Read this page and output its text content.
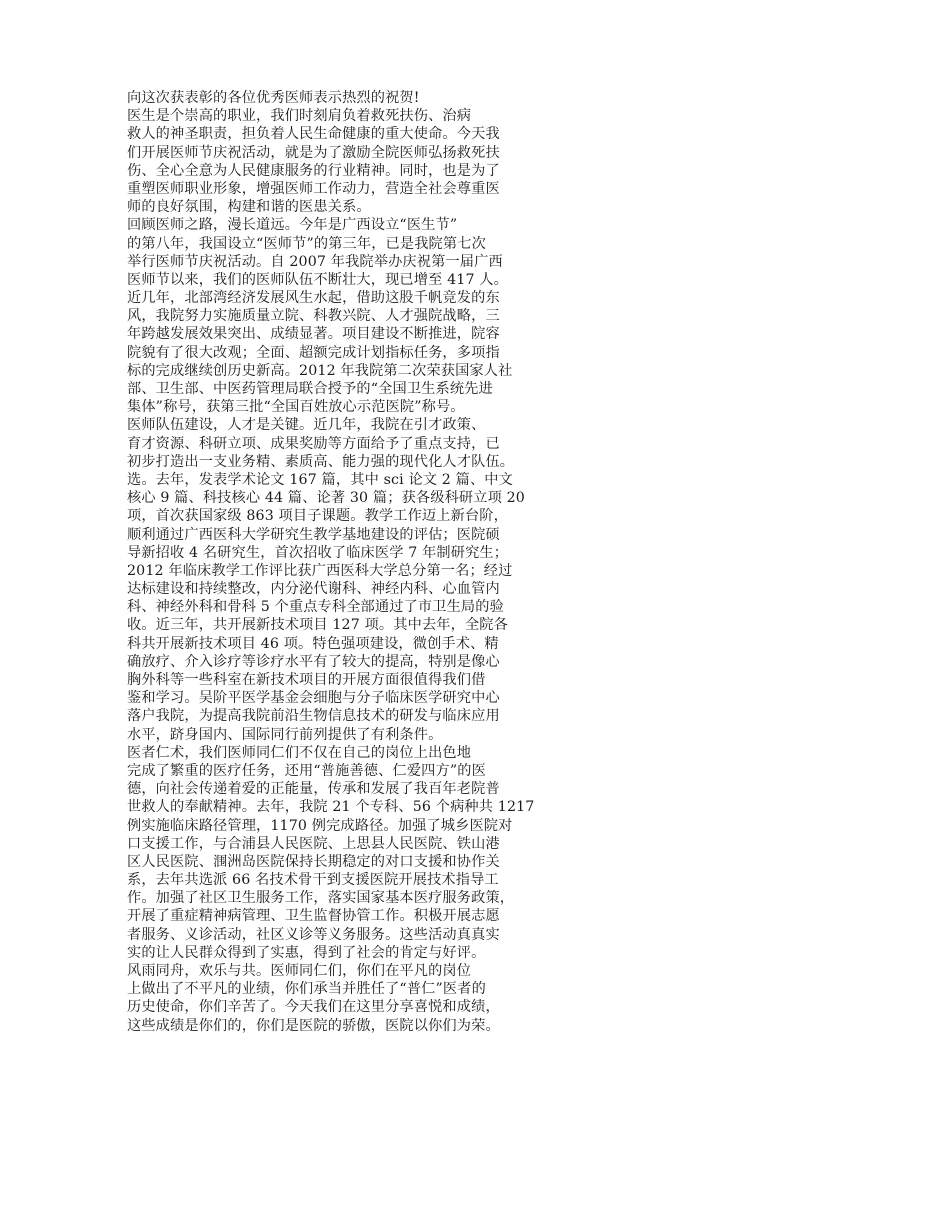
向这次获表彰的各位优秀医师表示热烈的祝贺!
医生是个崇高的职业，我们时刻肩负着救死扶伤、治病
救人的神圣职责，担负着人民生命健康的重大使命。今天我
们开展医师节庆祝活动，就是为了激励全院医师弘扬救死扶
伤、全心全意为人民健康服务的行业精神。同时，也是为了
重塑医师职业形象，增强医师工作动力，营造全社会尊重医
师的良好氛围，构建和谐的医患关系。
回顾医师之路，漫长道远。今年是广西设立“医生节”
的第八年，我国设立“医师节”的第三年，已是我院第七次
举行医师节庆祝活动。自 2007 年我院举办庆祝第一届广西
医师节以来，我们的医师队伍不断壮大，现已增至 417 人。
近几年，北部湾经济发展风生水起，借助这股千帆竞发的东
风，我院努力实施质量立院、科教兴院、人才强院战略，三
年跨越发展效果突出、成绩显著。项目建设不断推进，院容
院貌有了很大改观；全面、超额完成计划指标任务，多项指
标的完成继续创历史新高。2012 年我院第二次荣获国家人社
部、卫生部、中医药管理局联合授予的“全国卫生系统先进
集体”称号，获第三批“全国百姓放心示范医院”称号。
医师队伍建设，人才是关键。近几年，我院在引才政策、
育才资源、科研立项、成果奖励等方面给予了重点支持，已
初步打造出一支业务精、素质高、能力强的现代化人才队伍。
选。去年，发表学术论文 167 篇，其中 sci 论文 2 篇、中文
核心 9 篇、科技核心 44 篇、论著 30 篇；获各级科研立项 20
项，首次获国家级 863 项目子课题。教学工作迈上新台阶，
顺利通过广西医科大学研究生教学基地建设的评估；医院硕
导新招收 4 名研究生，首次招收了临床医学 7 年制研究生；
2012 年临床教学工作评比获广西医科大学总分第一名；经过
达标建设和持续整改，内分泌代谢科、神经内科、心血管内
科、神经外科和骨科 5 个重点专科全部通过了市卫生局的验
收。近三年，共开展新技术项目 127 项。其中去年，全院各
科共开展新技术项目 46 项。特色强项建设，微创手术、精
确放疗、介入诊疗等诊疗水平有了较大的提高，特别是像心
胸外科等一些科室在新技术项目的开展方面很值得我们借
鉴和学习。吴阶平医学基金会细胞与分子临床医学研究中心
落户我院，为提高我院前沿生物信息技术的研发与临床应用
水平，跻身国内、国际同行前列提供了有利条件。
医者仁术，我们医师同仁们不仅在自己的岗位上出色地
完成了繁重的医疗任务，还用“普施善德、仁爱四方”的医
德，向社会传递着爱的正能量，传承和发展了我百年老院普
世救人的奉献精神。去年，我院 21 个专科、56 个病种共 1217
例实施临床路径管理，1170 例完成路径。加强了城乡医院对
口支援工作，与合浦县人民医院、上思县人民医院、铁山港
区人民医院、涠洲岛医院保持长期稳定的对口支援和协作关
系，去年共选派 66 名技术骨干到支援医院开展技术指导工
作。加强了社区卫生服务工作，落实国家基本医疗服务政策，
开展了重症精神病管理、卫生监督协管工作。积极开展志愿
者服务、义诊活动，社区义诊等义务服务。这些活动真真实
实的让人民群众得到了实惠，得到了社会的肯定与好评。
风雨同舟，欢乐与共。医师同仁们，你们在平凡的岗位
上做出了不平凡的业绩，你们承当并胜任了“普仁”医者的
历史使命，你们辛苦了。今天我们在这里分享喜悦和成绩，
这些成绩是你们的，你们是医院的骄傲，医院以你们为荣。
